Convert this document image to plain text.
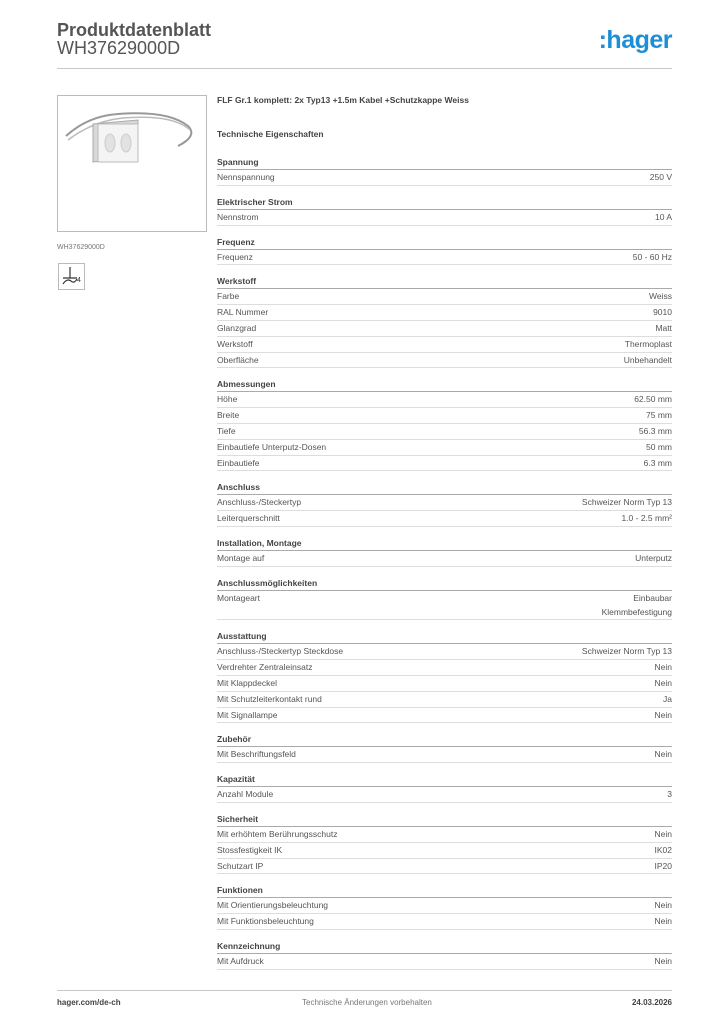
Produktdatenblatt
WH37629000D	:hager
WH37629000D
4
FLF Gr.1 komplett: 2x Typ13 +1.5m Kabel +Schutzkappe Weiss
Technische Eigenschaften
Spannung
Nennspannung	250 V
Elektrischer Strom
Nennstrom	10 A
Frequenz
Frequenz	50 - 60 Hz
Werkstoff
Farbe	Weiss
RAL Nummer	9010
Glanzgrad	Matt
Werkstoff	Thermoplast
Oberfläche	Unbehandelt
Abmessungen
Höhe	62.50 mm
Breite	75 mm
Tiefe	56.3 mm
Einbautiefe Unterputz-Dosen	50 mm
Einbautiefe	6.3 mm
Anschluss
Anschluss-/Steckertyp	Schweizer Norm Typ 13
Leiterquerschnitt	1.0 - 2.5 mm²
Installation, Montage
Montage auf	Unterputz
Anschlussmöglichkeiten
Montageart	Einbaubar
Klemmbefestigung
Ausstattung
Anschluss-/Steckertyp Steckdose	Schweizer Norm Typ 13
Verdrehter Zentraleinsatz	Nein
Mit Klappdeckel	Nein
Mit Schutzleiterkontakt rund	Ja
Mit Signallampe	Nein
Zubehör
Mit Beschriftungsfeld	Nein
Kapazität
Anzahl Module	3
Sicherheit
Mit erhöhtem Berührungsschutz	Nein
Stossfestigkeit IK	IK02
Schutzart IP	IP20
Funktionen
Mit Orientierungsbeleuchtung	Nein
Mit Funktionsbeleuchtung	Nein
Kennzeichnung
Mit Aufdruck	Nein
hager.com/de-ch	Technische Änderungen vorbehalten	24.03.2026
